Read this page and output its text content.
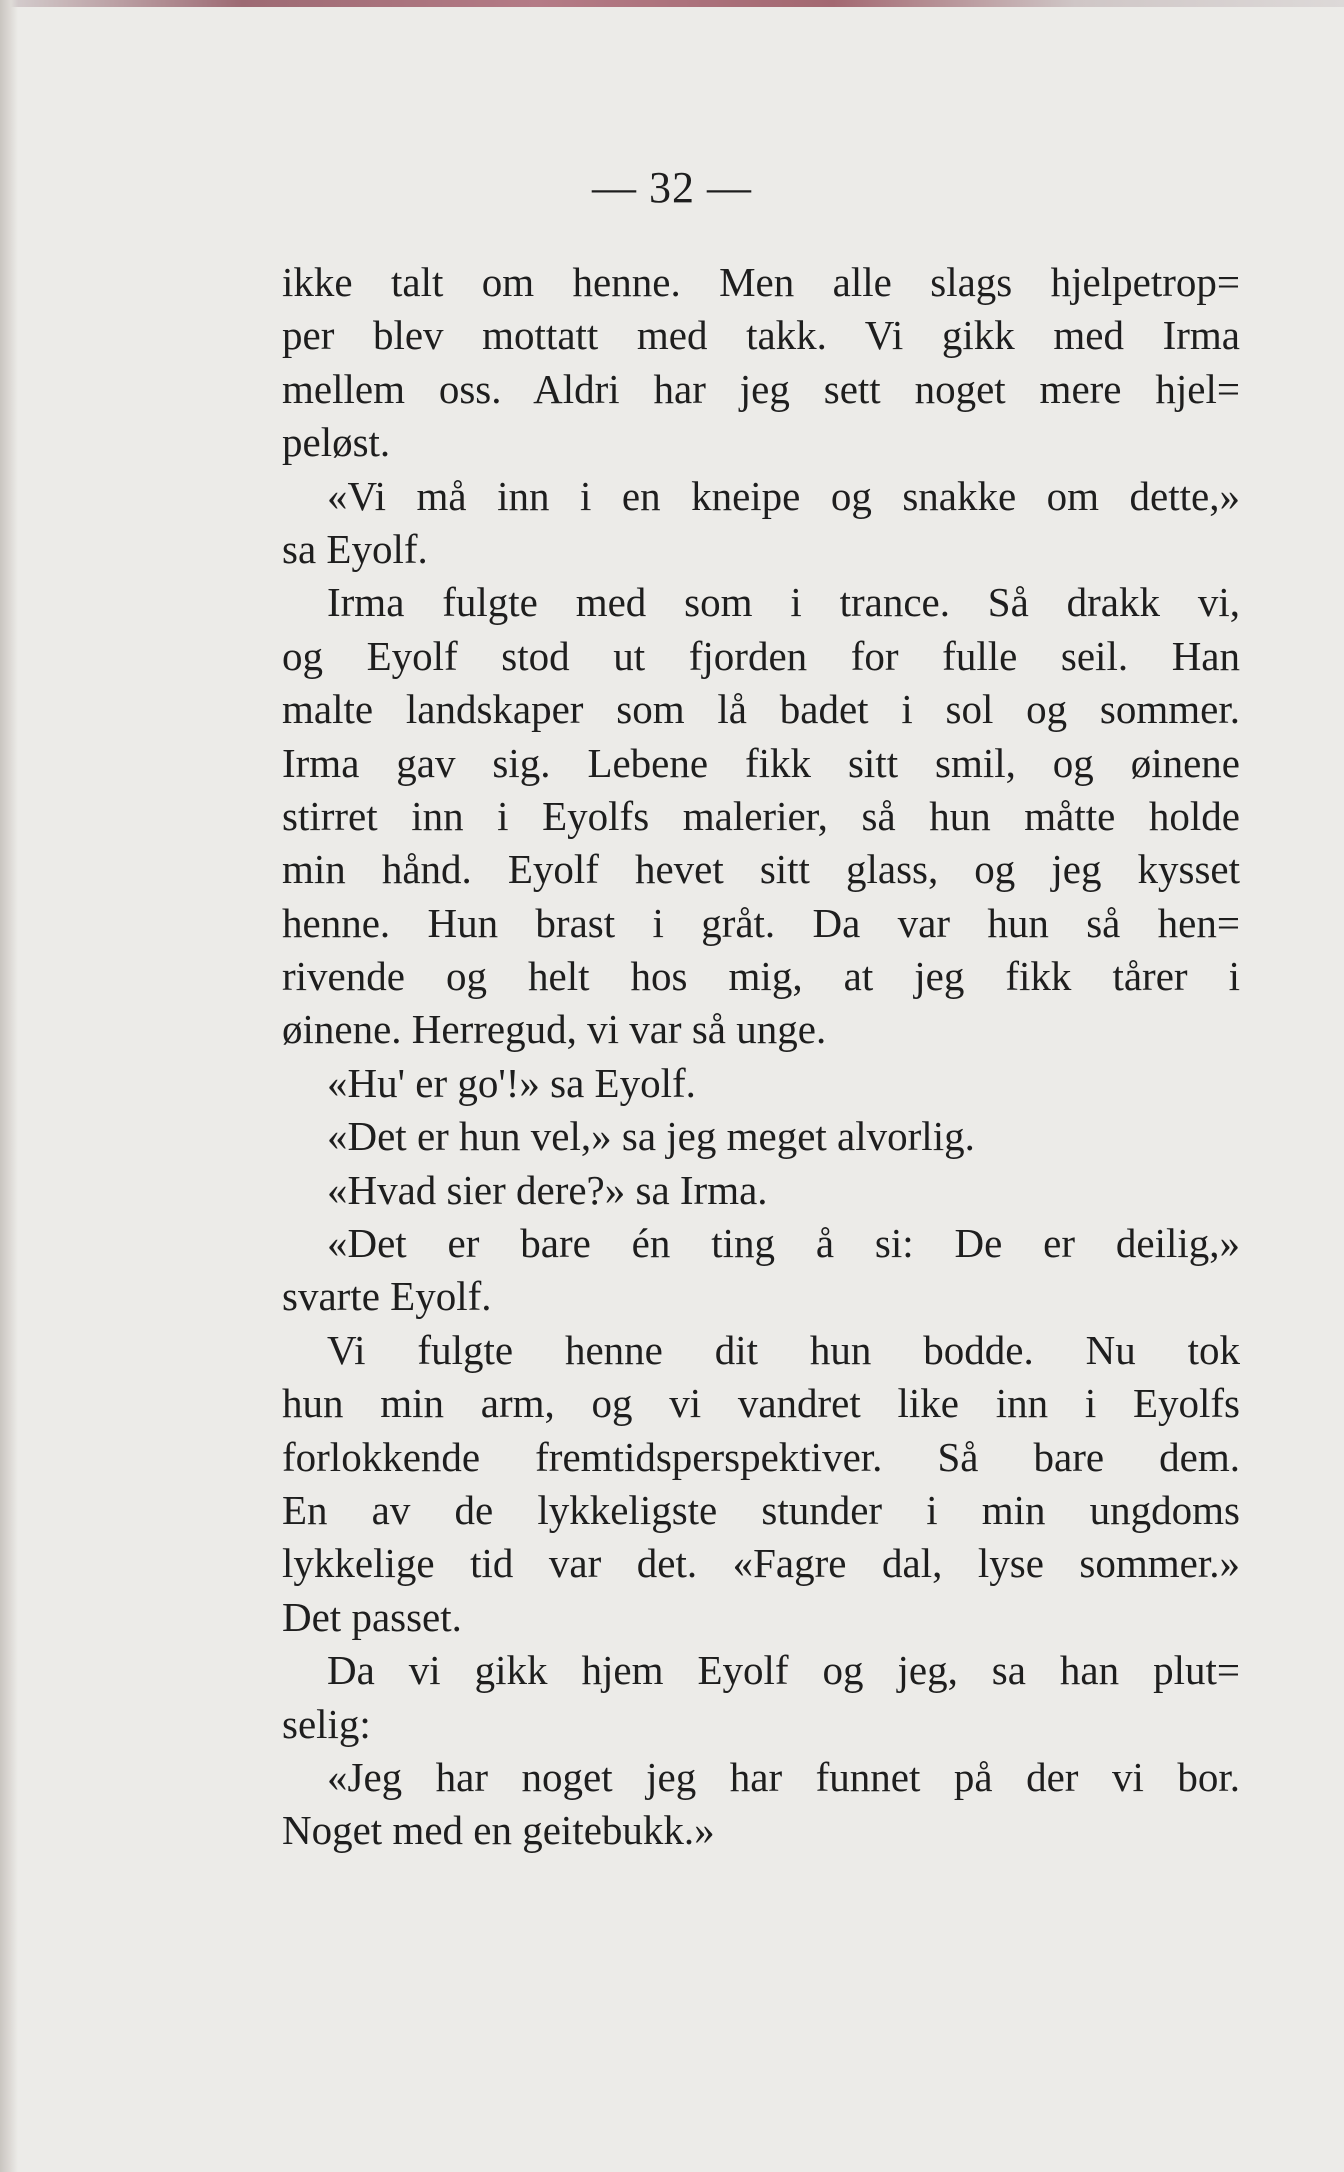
— 32 —
ikke talt om henne. Men alle slags hjelpetrop=
per blev mottatt med takk. Vi gikk med Irma
mellem oss. Aldri har jeg sett noget mere hjel=
peløst.
«Vi må inn i en kneipe og snakke om dette,»
sa Eyolf.
Irma fulgte med som i trance. Så drakk vi,
og Eyolf stod ut fjorden for fulle seil. Han
malte landskaper som lå badet i sol og sommer.
Irma gav sig. Lebene fikk sitt smil, og øinene
stirret inn i Eyolfs malerier, så hun måtte holde
min hånd. Eyolf hevet sitt glass, og jeg kysset
henne. Hun brast i gråt. Da var hun så hen=
rivende og helt hos mig, at jeg fikk tårer i
øinene. Herregud, vi var så unge.
«Hu' er go'!» sa Eyolf.
«Det er hun vel,» sa jeg meget alvorlig.
«Hvad sier dere?» sa Irma.
«Det er bare én ting å si: De er deilig,»
svarte Eyolf.
Vi fulgte henne dit hun bodde. Nu tok
hun min arm, og vi vandret like inn i Eyolfs
forlokkende fremtidsperspektiver. Så bare dem.
En av de lykkeligste stunder i min ungdoms
lykkelige tid var det. «Fagre dal, lyse sommer.»
Det passet.
Da vi gikk hjem Eyolf og jeg, sa han plut=
selig:
«Jeg har noget jeg har funnet på der vi bor.
Noget med en geitebukk.»
